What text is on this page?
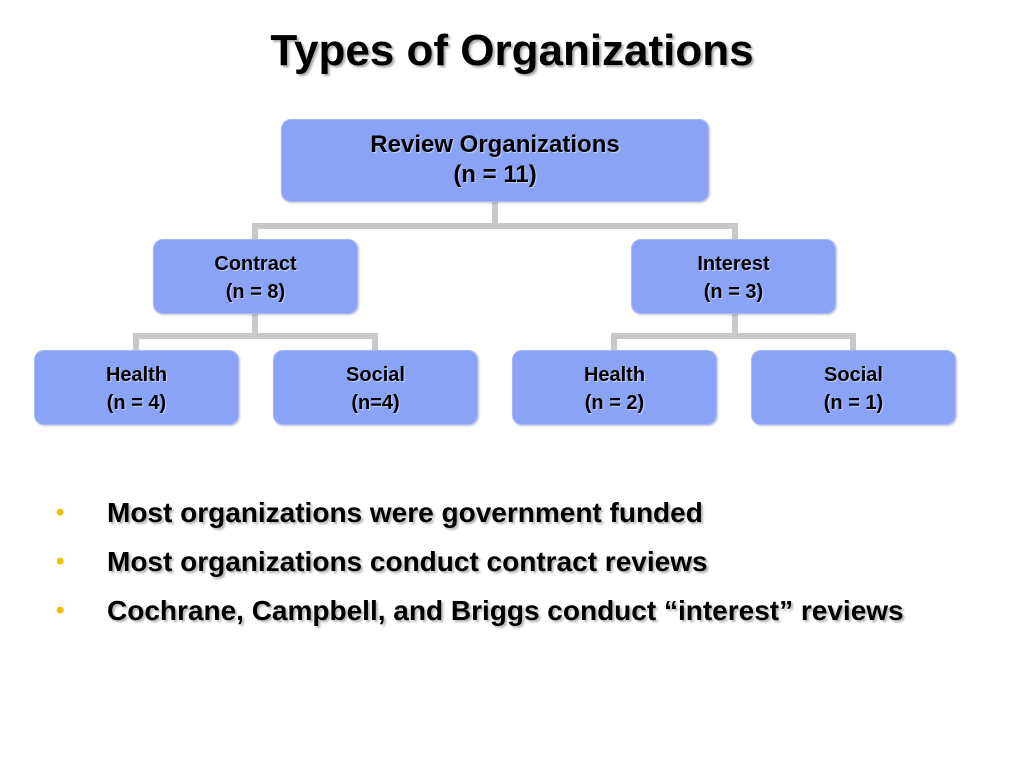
Types of Organizations
Review Organizations
(n = 11)
Contract
(n = 8)
Interest
(n = 3)
Health
(n = 4)
Social
(n=4)
Health
(n = 2)
Social
(n = 1)
• Most organizations were government funded
• Most organizations conduct contract reviews
• Cochrane, Campbell, and Briggs conduct “interest” reviews
